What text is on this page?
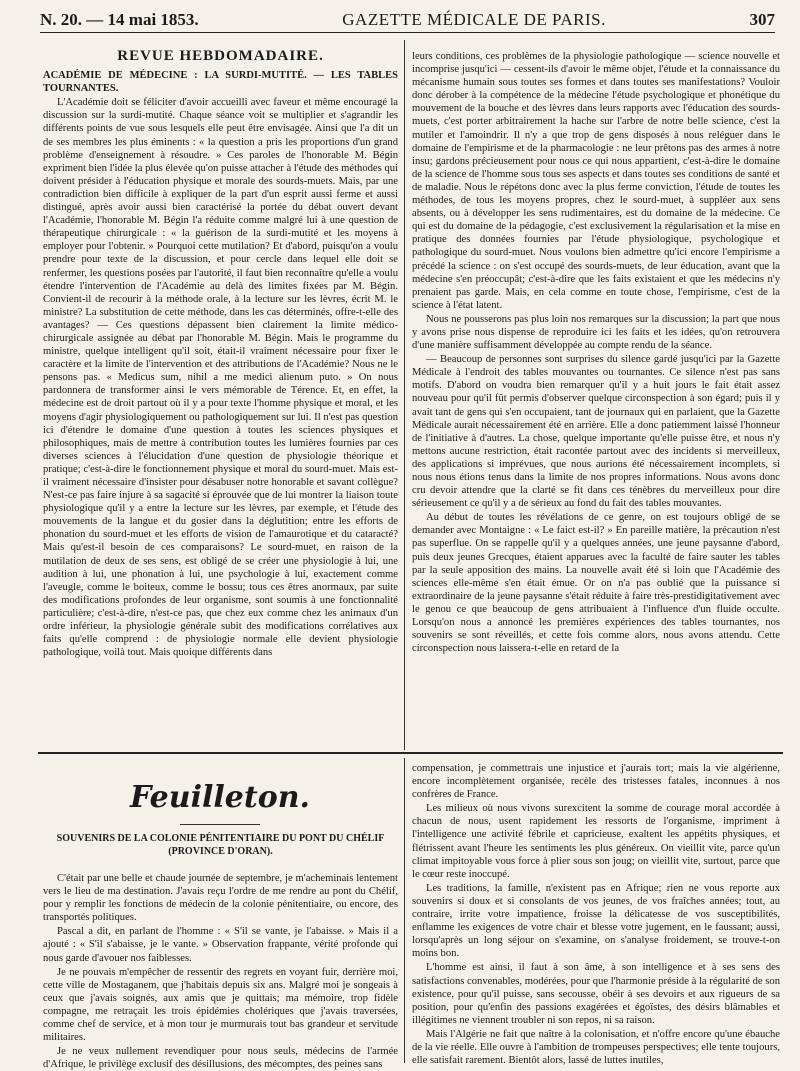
N. 20. — 14 mai 1853.	GAZETTE MÉDICALE DE PARIS.	307
REVUE HEBDOMADAIRE.

ACADÉMIE DE MÉDECINE : LA SURDI-MUTITÉ. — LES TABLES TOURNANTES.

L'Académie doit se féliciter d'avoir accueilli avec faveur et même encouragé la discussion sur la surdi-mutité. Chaque séance voit se multiplier et s'agrandir les différents points de vue sous lesquels elle peut être envisagée. Ainsi que l'a dit un de ses membres les plus éminents : « la question a pris les proportions d'un grand problème d'enseignement à résoudre. » Ces paroles de l'honorable M. Bégin expriment bien l'idée la plus élevée qu'on puisse attacher à l'étude des méthodes qui doivent présider à l'éducation physique et morale des sourds-muets. Mais, par une contradiction bien difficile à expliquer de la part d'un esprit aussi ferme et aussi distingué, après avoir aussi bien caractérisé la portée du débat ouvert devant l'Académie, l'honorable M. Bégin l'a réduite comme malgré lui à une question de thérapeutique chirurgicale : « la guérison de la surdi-mutité et les moyens à employer pour l'obtenir. » Pourquoi cette mutilation? Et d'abord, puisqu'on a voulu prendre pour texte de la discussion, et pour cercle dans lequel elle doit se renfermer, les questions posées par l'autorité, il faut bien reconnaître qu'elle a voulu étendre l'intervention de l'Académie au delà des limites fixées par M. Bégin. Convient-il de recourir à la méthode orale, à la lecture sur les lèvres, écrit M. le ministre? La substitution de cette méthode, dans les cas déterminés, offre-t-elle des avantages? — Ces questions dépassent bien clairement la limite médico-chirurgicale assignée au débat par l'honorable M. Bégin. Mais le programme du ministre, quelque intelligent qu'il soit, était-il vraiment nécessaire pour fixer le caractère et la limite de l'intervention et des attributions de l'Académie? Nous ne le pensons pas. « Medicus sum, nihil a me medici alienum puto. » On nous pardonnera de transformer ainsi le vers mémorable de Térence. Et, en effet, la médecine est de droit partout où il y a pour texte l'homme physique et moral, et les moyens d'agir physiologiquement ou pathologiquement sur lui. Il n'est pas question ici d'étendre le domaine d'une question à toutes les sciences physiques et philosophiques, mais de mettre à contribution toutes les lumières fournies par ces diverses sciences à l'élucidation d'une question de physiologie théorique et pratique; c'est-à-dire le fonctionnement physique et moral du sourd-muet. Mais est-il vraiment nécessaire d'insister pour désabuser notre honorable et savant collègue? N'est-ce pas faire injure à sa sagacité si éprouvée que de lui montrer la liaison toute physiologique qu'il y a entre la lecture sur les lèvres, par exemple, et l'étude des mouvements de la langue et du gosier dans la déglutition; entre les efforts de phonation du sourd-muet et les efforts de vision de l'amaurotique et du cataracté? Mais qu'est-il besoin de ces comparaisons? Le sourd-muet, en raison de la mutilation de deux de ses sens, est obligé de se créer une physiologie à lui, une audition à lui, une phonation à lui, une psychologie à lui, exactement comme l'aveugle, comme le boiteux, comme le bossu; tous ces êtres anormaux, par suite des modifications profondes de leur organisme, sont soumis à une fonctionnalité particulière; c'est-à-dire, n'est-ce pas, que chez eux comme chez les animaux d'un ordre inférieur, la physiologie générale subit des modifications corrélatives aux faits qu'elle comprend : de physiologie normale elle devient physiologie pathologique, voilà tout. Mais quoique différents dans

leurs conditions, ces problèmes de la physiologie pathologique — science nouvelle et incomprise jusqu'ici — cessent-ils d'avoir le même objet, l'étude et la connaissance du mécanisme humain sous toutes ses formes et dans toutes ses manifestations? Vouloir donc dérober à la compétence de la médecine l'étude psychologique et phonétique du mouvement de la bouche et des lèvres dans leurs rapports avec l'éducation des sourds-muets, c'est porter arbitrairement la hache sur l'arbre de notre belle science, c'est la mutiler et l'amoindrir. Il n'y a que trop de gens disposés à nous reléguer dans le domaine de l'empirisme et de la pharmacologie : ne leur prêtons pas des armes à notre insu; gardons précieusement pour nous ce qui nous appartient, c'est-à-dire le domaine de la science de l'homme sous tous ses aspects et dans toutes ses conditions de santé et de maladie. Nous le répétons donc avec la plus ferme conviction, l'étude de toutes les méthodes, de tous les moyens propres, chez le sourd-muet, à suppléer aux sens absents, ou à développer les sens rudimentaires, est du domaine de la médecine. Ce qui est du domaine de la pédagogie, c'est exclusivement la régularisation et la mise en pratique des données fournies par l'étude physiologique, psychologique et pathologique du sourd-muet. Nous voulons bien admettre qu'ici encore l'empirisme a précédé la science : on s'est occupé des sourds-muets, de leur éducation, avant que la médecine s'en préoccupât; c'est-à-dire que les faits existaient et que les médecins n'y prenaient pas garde. Mais, en cela comme en toute chose, l'empirisme, c'est de la science à l'état latent.

Nous ne pousserons pas plus loin nos remarques sur la discussion; la part que nous y avons prise nous dispense de reproduire ici les faits et les idées, qu'on retrouvera d'une manière suffisamment développée au compte rendu de la séance.

— Beaucoup de personnes sont surprises du silence gardé jusqu'ici par la Gazette Médicale à l'endroit des tables mouvantes ou tournantes. Ce silence n'est pas sans motifs. D'abord on voudra bien remarquer qu'il y a huit jours le fait était assez nouveau pour qu'il fût permis d'observer quelque circonspection à son égard; puis il y avait tant de gens qui s'en occupaient, tant de journaux qui en parlaient, que la Gazette Médicale aurait nécessairement été en arrière. Elle a donc patiemment laissé l'honneur de l'initiative à d'autres. La chose, quelque importante qu'elle puisse être, et nous n'y mettons aucune restriction, était racontée partout avec des incidents si merveilleux, des applications si imprévues, que nous aurions été nécessairement incomplets, si nous nous étions tenus dans la limite de nos propres informations. Nous avons donc cru devoir attendre que la clarté se fit dans ces ténèbres du merveilleux pour dire sérieusement ce qu'il y a de sérieux au fond du fait des tables mouvantes.

Au début de toutes les révélations de ce genre, on est toujours obligé de se demander avec Montaigne : « Le faict est-il? » En pareille matière, la précaution n'est pas superflue. On se rappelle qu'il y a quelques années, une jeune paysanne d'abord, puis deux jeunes Grecques, étaient apparues avec la faculté de faire sauter les tables par la seule apposition des mains. La nouvelle avait été si loin que l'Académie des sciences elle-même s'en était émue. Or on n'a pas oublié que la puissance si extraordinaire de la jeune paysanne s'était réduite à faire très-prestidigitativement avec le genou ce que beaucoup de gens attribuaient à l'influence d'un fluide occulte. Lorsqu'on nous a annoncé les premières expériences des tables tournantes, nos souvenirs se sont réveillés, et cette fois comme alors, nous avons attendu. Cette circonspection nous laissera-t-elle en retard de la

Feuilleton.
SOUVENIRS DE LA COLONIE PÉNITENTIAIRE DU PONT DU CHÉLIF
(PROVINCE D'ORAN).

C'était par une belle et chaude journée de septembre, je m'acheminais lentement vers le lieu de ma destination. J'avais reçu l'ordre de me rendre au pont du Chélif, pour y remplir les fonctions de médecin de la colonie pénitentiaire, ou encore, des transportés politiques.

Pascal a dit, en parlant de l'homme : « S'il se vante, je l'abaisse. » Mais il a ajouté : « S'il s'abaisse, je le vante. » Observation frappante, vérité profonde qui nous garde d'avouer nos faiblesses.

Je ne pouvais m'empêcher de ressentir des regrets en voyant fuir, derrière moi, cette ville de Mostaganem, que j'habitais depuis six ans. Malgré moi je songeais à ceux que j'avais soignés, aux amis que je quittais; ma mémoire, trop fidèle compagne, me retraçait les trois épidémies cholériques que j'avais traversées, comme chef de service, et à mon tour je murmurais tout bas grandeur et servitude militaires.

Je ne veux nullement revendiquer pour nous seuls, médecins de l'armée d'Afrique, le privilège exclusif des désillusions, des mécomptes, des peines sans

compensation, je commettrais une injustice et j'aurais tort; mais la vie algérienne, encore incomplètement organisée, recèle des tristesses fatales, inconnues à nos confrères de France.

Les milieux où nous vivons surexcitent la somme de courage moral accordée à chacun de nous, usent rapidement les ressorts de l'organisme, impriment à l'intelligence une activité fébrile et capricieuse, exaltent les appétits physiques, et flétrissent avant l'heure les sentiments les plus généreux. On vieillit vite, parce qu'un climat impitoyable vous force à plier sous son joug; on vieillit vite, surtout, parce que le cœur reste inoccupé.

Les traditions, la famille, n'existent pas en Afrique; rien ne vous reporte aux souvenirs si doux et si consolants de vos jeunes, de vos fraîches années; tout, au contraire, irrite votre impatience, froisse la délicatesse de vos susceptibilités, enflamme les exigences de votre chair et blesse votre jugement, en le faussant; aussi, lorsqu'après un long séjour on s'examine, on s'analyse froidement, se trouve-t-on moins bon.

L'homme est ainsi, il faut à son âme, à son intelligence et à ses sens des satisfactions convenables, modérées, pour que l'harmonie préside à la régularité de son existence, pour qu'il puisse, sans secousse, obéir à ses devoirs et aux rigueurs de sa position, pour qu'enfin des passions exagérées et égoïstes, des désirs blâmables et illégitimes ne viennent troubler ni son repos, ni sa raison.

Mais l'Algérie ne fait que naître à la colonisation, et n'offre encore qu'une ébauche de la vie réelle. Elle ouvre à l'ambition de trompeuses perspectives; elle tente toujours, elle satisfait rarement. Bientôt alors, lassé de luttes inutiles,
